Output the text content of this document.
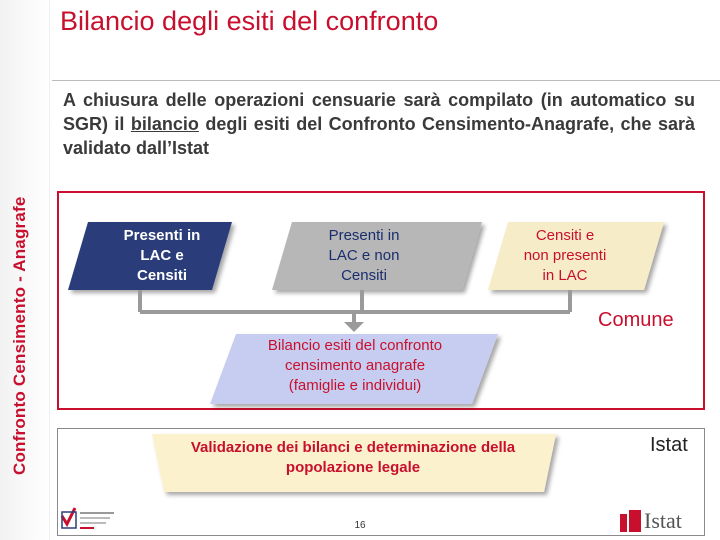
Confronto Censimento - Anagrafe
Bilancio degli esiti del confronto
A chiusura delle operazioni censuarie sarà compilato (in automatico su SGR) il bilancio degli esiti del Confronto Censimento-Anagrafe, che sarà validato dall’Istat
Presenti in
LAC e
Censiti
Presenti in
LAC e non
Censiti
Censiti e
non presenti
in LAC
Bilancio esiti del confronto
censimento anagrafe
(famiglie e individui)
Validazione dei bilanci e determinazione della
popolazione legale
Comune
Istat
16	Istat
